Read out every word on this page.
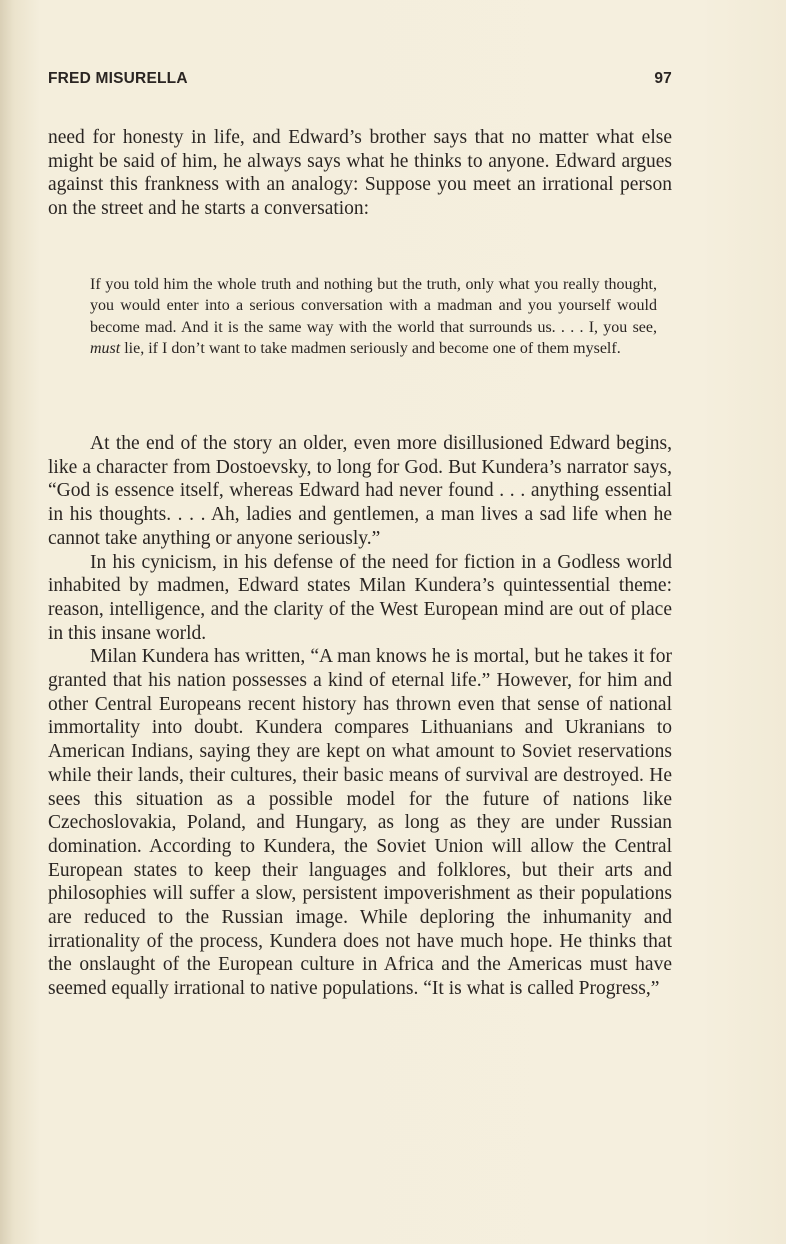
FRED MISURELLA	97

need for honesty in life, and Edward’s brother says that no matter what else might be said of him, he always says what he thinks to anyone. Edward argues against this frankness with an analogy: Suppose you meet an irrational person on the street and he starts a conversation:

If you told him the whole truth and nothing but the truth, only what you really thought, you would enter into a serious conversation with a madman and you yourself would become mad. And it is the same way with the world that surrounds us. . . . I, you see, must lie, if I don’t want to take madmen seriously and become one of them myself.

At the end of the story an older, even more disillusioned Edward begins, like a character from Dostoevsky, to long for God. But Kundera’s narrator says, “God is essence itself, whereas Edward had never found . . . anything essential in his thoughts. . . . Ah, ladies and gentlemen, a man lives a sad life when he cannot take anything or anyone seriously.”

In his cynicism, in his defense of the need for fiction in a Godless world inhabited by madmen, Edward states Milan Kundera’s quintessential theme: reason, intelligence, and the clarity of the West European mind are out of place in this insane world.

Milan Kundera has written, “A man knows he is mortal, but he takes it for granted that his nation possesses a kind of eternal life.” However, for him and other Central Europeans recent history has thrown even that sense of national immortality into doubt. Kundera compares Lithuanians and Ukranians to American Indians, saying they are kept on what amount to Soviet reservations while their lands, their cultures, their basic means of survival are destroyed. He sees this situation as a possible model for the future of nations like Czechoslovakia, Poland, and Hungary, as long as they are under Russian domination. According to Kundera, the Soviet Union will allow the Central European states to keep their languages and folklores, but their arts and philosophies will suffer a slow, persistent impoverishment as their populations are reduced to the Russian image. While deploring the inhumanity and irrationality of the process, Kundera does not have much hope. He thinks that the onslaught of the European culture in Africa and the Americas must have seemed equally irrational to native populations. “It is what is called Progress,”
